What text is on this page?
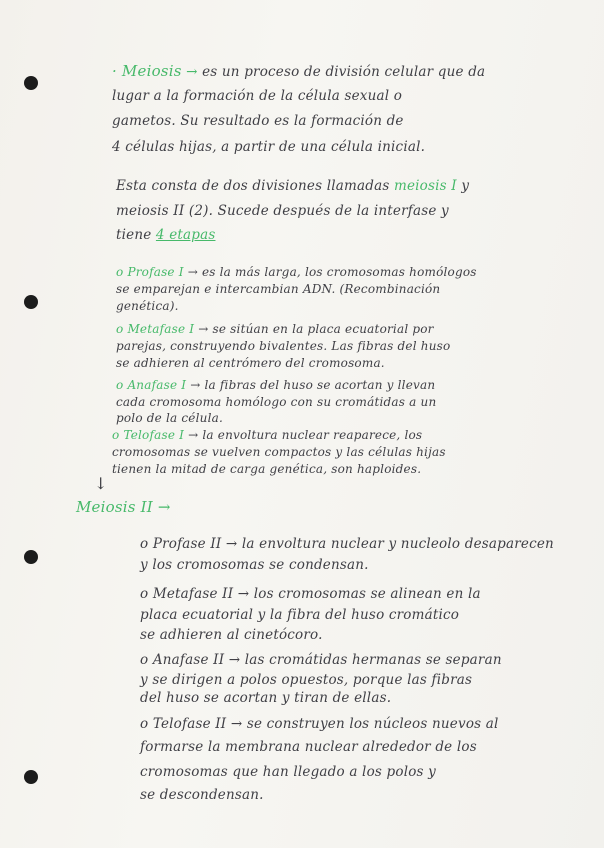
· Meiosis → es un proceso de división celular que da

lugar a la formación de la célula sexual o

gametos. Su resultado es la formación de

4 células hijas, a partir de una célula inicial.

Esta consta de dos divisiones llamadas meiosis I y

meiosis II (2). Sucede después de la interfase y

tiene 4 etapas

o Profase I → es la más larga, los cromosomas homólogos

se emparejan e intercambian ADN. (Recombinación

genética).

o Metafase I → se sitúan en la placa ecuatorial por

parejas, construyendo bivalentes. Las fibras del huso

se adhieren al centrómero del cromosoma.

o Anafase I → la fibras del huso se acortan y llevan

cada cromosoma homólogo con su cromátidas a un

polo de la célula.

o Telofase I → la envoltura nuclear reaparece, los

cromosomas se vuelven compactos y las células hijas

tienen la mitad de carga genética, son haploides.

↓

Meiosis II →

o Profase II → la envoltura nuclear y nucleolo desaparecen

y los cromosomas se condensan.

o Metafase II → los cromosomas se alinean en la

placa ecuatorial y la fibra del huso cromático

se adhieren al cinetócoro.

o Anafase II → las cromátidas hermanas se separan

y se dirigen a polos opuestos, porque las fibras

del huso se acortan y tiran de ellas.

o Telofase II → se construyen los núcleos nuevos al

formarse la membrana nuclear alrededor de los

cromosomas que han llegado a los polos y

se descondensan.
